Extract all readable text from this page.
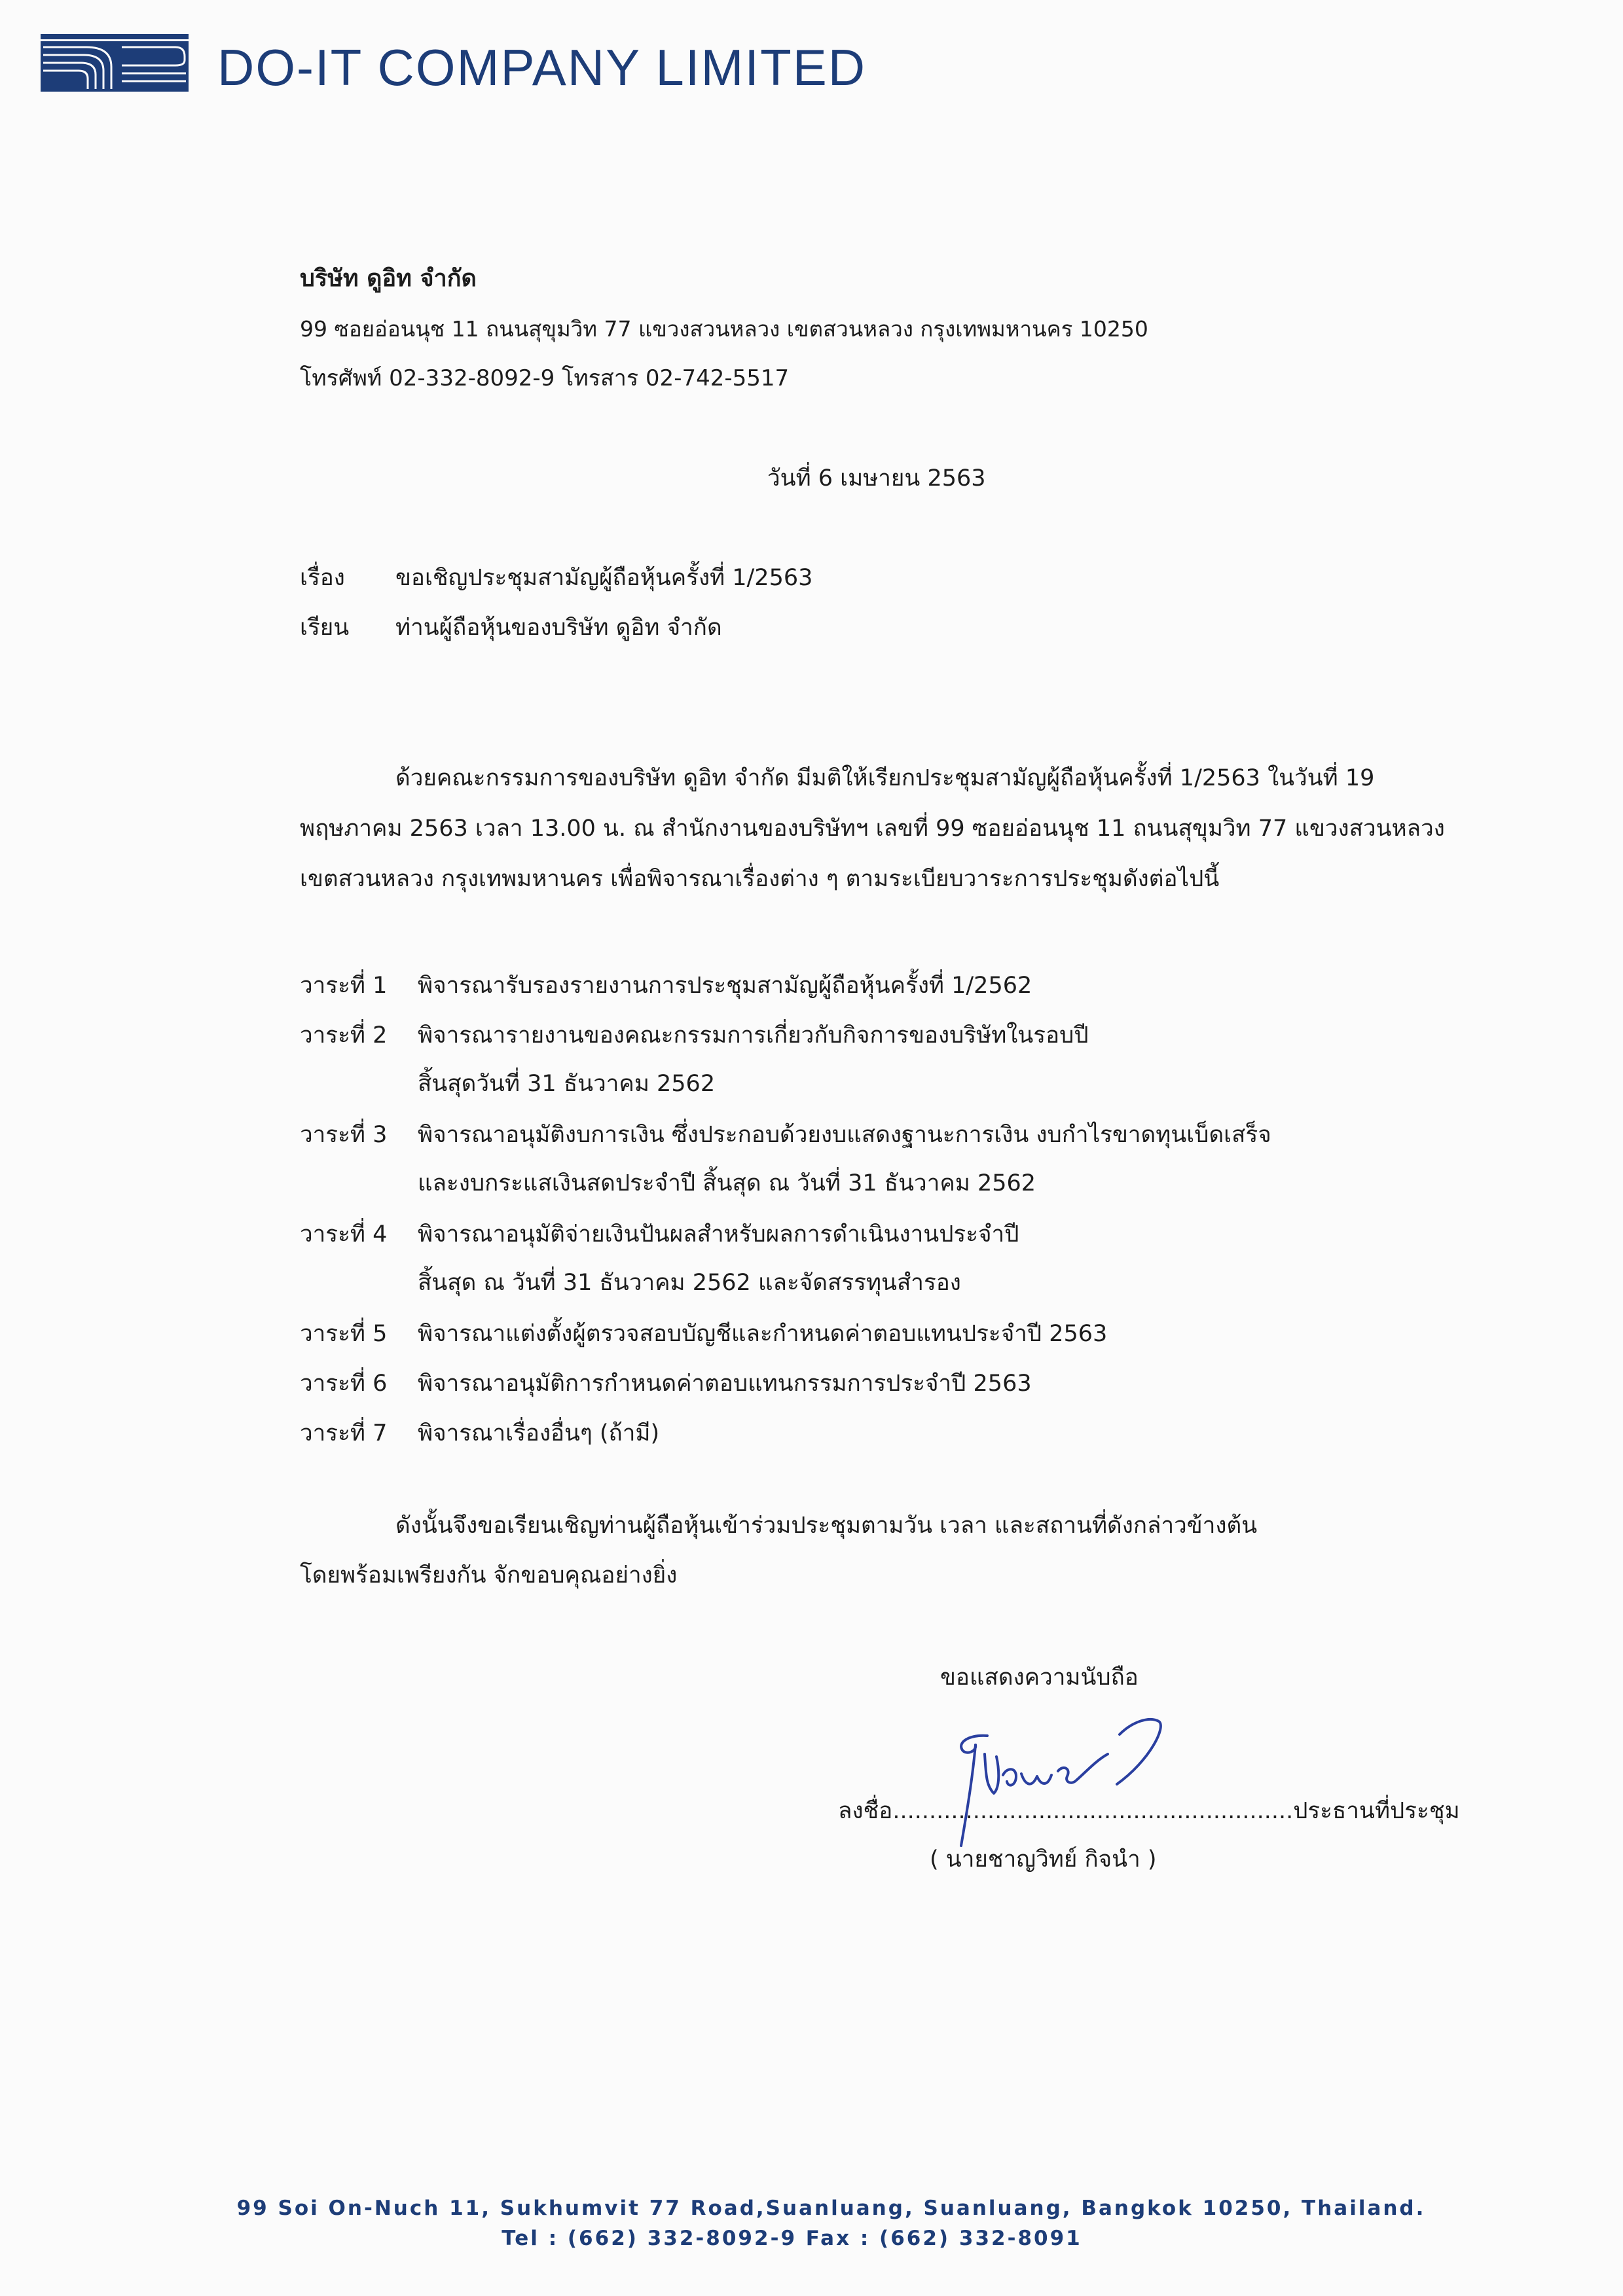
DO-IT COMPANY LIMITED
บริษัท ดูอิท จำกัด
99 ซอยอ่อนนุช 11 ถนนสุขุมวิท 77 แขวงสวนหลวง เขตสวนหลวง กรุงเทพมหานคร 10250
โทรศัพท์ 02-332-8092-9 โทรสาร 02-742-5517
วันที่ 6 เมษายน 2563
เรื่อง ขอเชิญประชุมสามัญผู้ถือหุ้นครั้งที่ 1/2563
เรียน ท่านผู้ถือหุ้นของบริษัท ดูอิท จำกัด
ด้วยคณะกรรมการของบริษัท ดูอิท จำกัด มีมติให้เรียกประชุมสามัญผู้ถือหุ้นครั้งที่ 1/2563 ในวันที่ 19
พฤษภาคม 2563 เวลา 13.00 น. ณ สำนักงานของบริษัทฯ เลขที่ 99 ซอยอ่อนนุช 11 ถนนสุขุมวิท 77 แขวงสวนหลวง
เขตสวนหลวง กรุงเทพมหานคร เพื่อพิจารณาเรื่องต่าง ๆ ตามระเบียบวาระการประชุมดังต่อไปนี้
วาระที่ 1 พิจารณารับรองรายงานการประชุมสามัญผู้ถือหุ้นครั้งที่ 1/2562
วาระที่ 2 พิจารณารายงานของคณะกรรมการเกี่ยวกับกิจการของบริษัทในรอบปี
สิ้นสุดวันที่ 31 ธันวาคม 2562
วาระที่ 3 พิจารณาอนุมัติงบการเงิน ซึ่งประกอบด้วยงบแสดงฐานะการเงิน งบกำไรขาดทุนเบ็ดเสร็จ
และงบกระแสเงินสดประจำปี สิ้นสุด ณ วันที่ 31 ธันวาคม 2562
วาระที่ 4 พิจารณาอนุมัติจ่ายเงินปันผลสำหรับผลการดำเนินงานประจำปี
สิ้นสุด ณ วันที่ 31 ธันวาคม 2562 และจัดสรรทุนสำรอง
วาระที่ 5 พิจารณาแต่งตั้งผู้ตรวจสอบบัญชีและกำหนดค่าตอบแทนประจำปี 2563
วาระที่ 6 พิจารณาอนุมัติการกำหนดค่าตอบแทนกรรมการประจำปี 2563
วาระที่ 7 พิจารณาเรื่องอื่นๆ (ถ้ามี)
ดังนั้นจึงขอเรียนเชิญท่านผู้ถือหุ้นเข้าร่วมประชุมตามวัน เวลา และสถานที่ดังกล่าวข้างต้น
โดยพร้อมเพรียงกัน จักขอบคุณอย่างยิ่ง
ขอแสดงความนับถือ
ลงชื่อ.......................................................ประธานที่ประชุม
( นายชาญวิทย์ กิจนำ )
99 Soi On-Nuch 11, Sukhumvit 77 Road,Suanluang, Suanluang, Bangkok 10250, Thailand.
Tel : (662) 332-8092-9 Fax : (662) 332-8091
